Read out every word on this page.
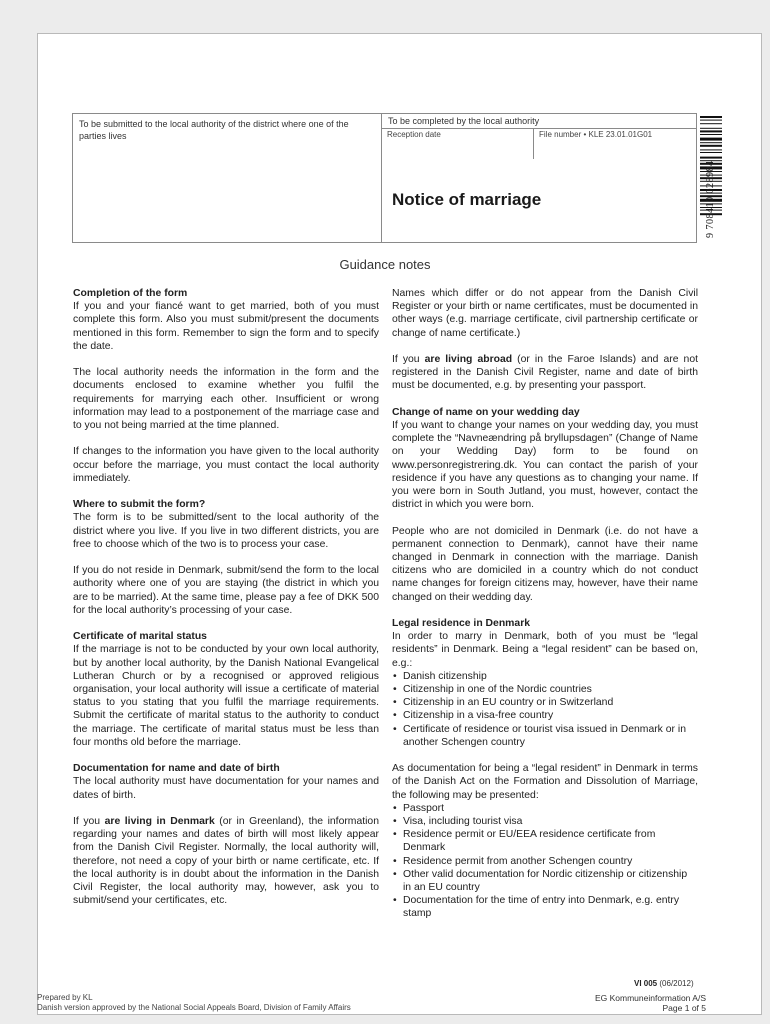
To be submitted to the local authority of the district where one of the parties lives
To be completed by the local authority
Reception date	File number • KLE 23.01.01G01
Notice of marriage	9 708410 028984
Guidance notes
Completion of the form

If you and your fiancé want to get married, both of you must complete this form. Also you must submit/present the documents mentioned in this form. Remember to sign the form and to specify the date.

The local authority needs the information in the form and the documents enclosed to examine whether you fulfil the requirements for marrying each other. Insufficient or wrong information may lead to a postponement of the marriage case and to you not being married at the time planned.

If changes to the information you have given to the local authority occur before the marriage, you must contact the local authority immediately.

Where to submit the form?

The form is to be submitted/sent to the local authority of the district where you live. If you live in two different districts, you are free to choose which of the two is to process your case.

If you do not reside in Denmark, submit/send the form to the local authority where one of you are staying (the district in which you are to be married). At the same time, please pay a fee of DKK 500 for the local authority’s processing of your case.

Certificate of marital status

If the marriage is not to be conducted by your own local authority, but by another local authority, by the Danish National Evangelical Lutheran Church or by a recognised or approved religious organisation, your local authority will issue a certificate of material status to you stating that you fulfil the marriage requirements. Submit the certificate of marital status to the authority to conduct the marriage. The certificate of marital status must be less than four months old before the marriage.

Documentation for name and date of birth

The local authority must have documentation for your names and dates of birth.

If you are living in Denmark (or in Greenland), the information regarding your names and dates of birth will most likely appear from the Danish Civil Register. Normally, the local authority will, therefore, not need a copy of your birth or name certificate, etc. If the local authority is in doubt about the information in the Danish Civil Register, the local authority may, however, ask you to submit/send your certificates, etc.

Names which differ or do not appear from the Danish Civil Register or your birth or name certificates, must be documented in other ways (e.g. marriage certificate, civil partnership certificate or change of name certificate.)

If you are living abroad (or in the Faroe Islands) and are not registered in the Danish Civil Register, name and date of birth must be documented, e.g. by presenting your passport.

Change of name on your wedding day

If you want to change your names on your wedding day, you must complete the “Navneændring på bryllupsdagen” (Change of Name on your Wedding Day) form to be found on www.personregistrering.dk. You can contact the parish of your residence if you have any questions as to changing your name. If you were born in South Jutland, you must, however, contact the district in which you were born.

People who are not domiciled in Denmark (i.e. do not have a permanent connection to Denmark), cannot have their name changed in Denmark in connection with the marriage. Danish citizens who are domiciled in a country which do not conduct name changes for foreign citizens may, however, have their name changed on their wedding day.

Legal residence in Denmark

In order to marry in Denmark, both of you must be “legal residents” in Denmark. Being a “legal resident” can be based on, e.g.:

• Danish citizenship
• Citizenship in one of the Nordic countries
• Citizenship in an EU country or in Switzerland
• Citizenship in a visa-free country
• Certificate of residence or tourist visa issued in Denmark or in another Schengen country

As documentation for being a “legal resident” in Denmark in terms of the Danish Act on the Formation and Dissolution of Marriage, the following may be presented:

• Passport
• Visa, including tourist visa
• Residence permit or EU/EEA residence certificate from Denmark
• Residence permit from another Schengen country
• Other valid documentation for Nordic citizenship or citizenship in an EU country
• Documentation for the time of entry into Denmark, e.g. entry stamp
VI 005 (06/2012)
Prepared by KL
Danish version approved by the National Social Appeals Board, Division of Family Affairs
EG Kommuneinformation A/S
Page 1 of 5
